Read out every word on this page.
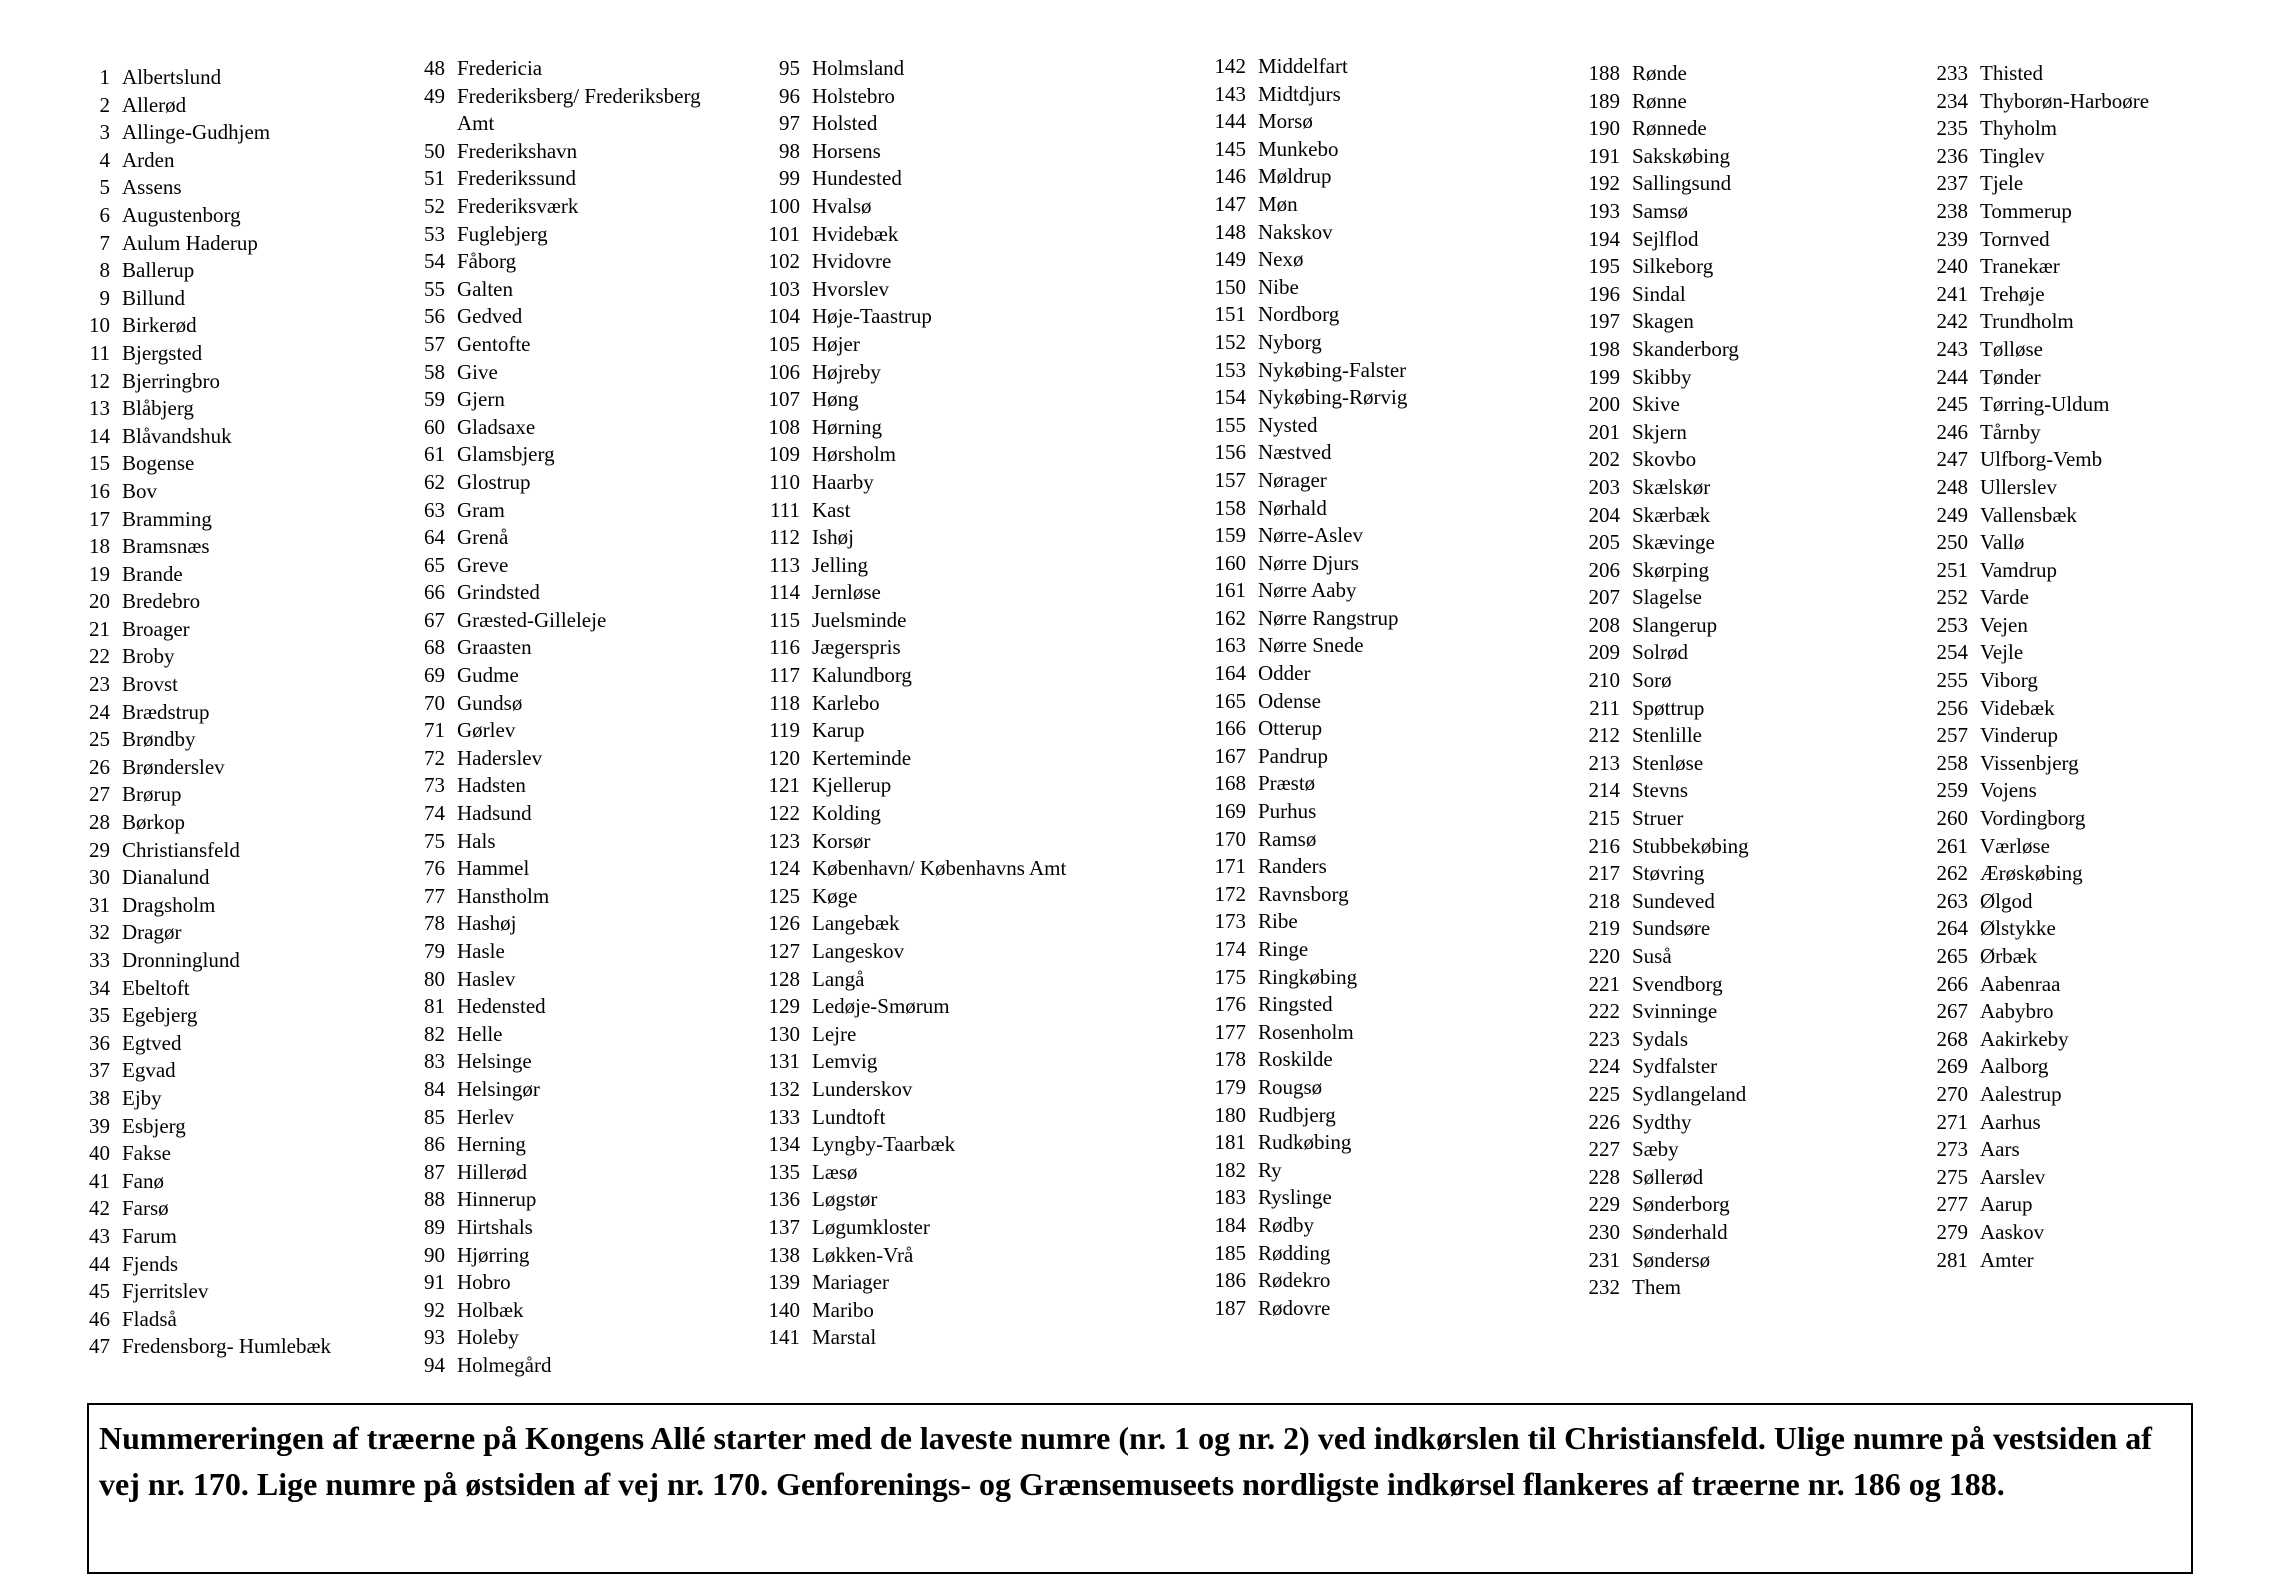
1 Albertslund
2 Allerød
3 Allinge-Gudhjem
4 Arden
5 Assens
6 Augustenborg
7 Aulum Haderup
8 Ballerup
9 Billund
10 Birkerød
11 Bjergsted
12 Bjerringbro
13 Blåbjerg
14 Blåvandshuk
15 Bogense
16 Bov
17 Bramming
18 Bramsnæs
19 Brande
20 Bredebro
21 Broager
22 Broby
23 Brovst
24 Brædstrup
25 Brøndby
26 Brønderslev
27 Brørup
28 Børkop
29 Christiansfeld
30 Dianalund
31 Dragsholm
32 Dragør
33 Dronninglund
34 Ebeltoft
35 Egebjerg
36 Egtved
37 Egvad
38 Ejby
39 Esbjerg
40 Fakse
41 Fanø
42 Farsø
43 Farum
44 Fjends
45 Fjerritslev
46 Fladså
47 Fredensborg- Humlebæk
48 Fredericia
49 Frederiksberg/ Frederiksberg Amt
50 Frederikshavn
51 Frederikssund
52 Frederiksværk
53 Fuglebjerg
54 Fåborg
55 Galten
56 Gedved
57 Gentofte
58 Give
59 Gjern
60 Gladsaxe
61 Glamsbjerg
62 Glostrup
63 Gram
64 Grenå
65 Greve
66 Grindsted
67 Græsted-Gilleleje
68 Graasten
69 Gudme
70 Gundsø
71 Gørlev
72 Haderslev
73 Hadsten
74 Hadsund
75 Hals
76 Hammel
77 Hanstholm
78 Hashøj
79 Hasle
80 Haslev
81 Hedensted
82 Helle
83 Helsinge
84 Helsingør
85 Herlev
86 Herning
87 Hillerød
88 Hinnerup
89 Hirtshals
90 Hjørring
91 Hobro
92 Holbæk
93 Holeby
94 Holmegård
95 Holmsland
96 Holstebro
97 Holsted
98 Horsens
99 Hundested
100 Hvalsø
101 Hvidebæk
102 Hvidovre
103 Hvorslev
104 Høje-Taastrup
105 Højer
106 Højreby
107 Høng
108 Hørning
109 Hørsholm
110 Haarby
111 Kast
112 Ishøj
113 Jelling
114 Jernløse
115 Juelsminde
116 Jægerspris
117 Kalundborg
118 Karlebo
119 Karup
120 Kerteminde
121 Kjellerup
122 Kolding
123 Korsør
124 København/ Københavns Amt
125 Køge
126 Langebæk
127 Langeskov
128 Langå
129 Ledøje-Smørum
130 Lejre
131 Lemvig
132 Lunderskov
133 Lundtoft
134 Lyngby-Taarbæk
135 Læsø
136 Løgstør
137 Løgumkloster
138 Løkken-Vrå
139 Mariager
140 Maribo
141 Marstal
142 Middelfart
143 Midtdjurs
144 Morsø
145 Munkebo
146 Møldrup
147 Møn
148 Nakskov
149 Nexø
150 Nibe
151 Nordborg
152 Nyborg
153 Nykøbing-Falster
154 Nykøbing-Rørvig
155 Nysted
156 Næstved
157 Nørager
158 Nørhald
159 Nørre-Aslev
160 Nørre Djurs
161 Nørre Aaby
162 Nørre Rangstrup
163 Nørre Snede
164 Odder
165 Odense
166 Otterup
167 Pandrup
168 Præstø
169 Purhus
170 Ramsø
171 Randers
172 Ravnsborg
173 Ribe
174 Ringe
175 Ringkøbing
176 Ringsted
177 Rosenholm
178 Roskilde
179 Rougsø
180 Rudbjerg
181 Rudkøbing
182 Ry
183 Ryslinge
184 Rødby
185 Rødding
186 Rødekro
187 Rødovre
188 Rønde
189 Rønne
190 Rønnede
191 Sakskøbing
192 Sallingsund
193 Samsø
194 Sejlflod
195 Silkeborg
196 Sindal
197 Skagen
198 Skanderborg
199 Skibby
200 Skive
201 Skjern
202 Skovbo
203 Skælskør
204 Skærbæk
205 Skævinge
206 Skørping
207 Slagelse
208 Slangerup
209 Solrød
210 Sorø
211 Spøttrup
212 Stenlille
213 Stenløse
214 Stevns
215 Struer
216 Stubbekøbing
217 Støvring
218 Sundeved
219 Sundsøre
220 Suså
221 Svendborg
222 Svinninge
223 Sydals
224 Sydfalster
225 Sydlangeland
226 Sydthy
227 Sæby
228 Søllerød
229 Sønderborg
230 Sønderhald
231 Søndersø
232 Them
233 Thisted
234 Thyborøn-Harboøre
235 Thyholm
236 Tinglev
237 Tjele
238 Tommerup
239 Tornved
240 Tranekær
241 Trehøje
242 Trundholm
243 Tølløse
244 Tønder
245 Tørring-Uldum
246 Tårnby
247 Ulfborg-Vemb
248 Ullerslev
249 Vallensbæk
250 Vallø
251 Vamdrup
252 Varde
253 Vejen
254 Vejle
255 Viborg
256 Videbæk
257 Vinderup
258 Vissenbjerg
259 Vojens
260 Vordingborg
261 Værløse
262 Ærøskøbing
263 Ølgod
264 Ølstykke
265 Ørbæk
266 Aabenraa
267 Aabybro
268 Aakirkeby
269 Aalborg
270 Aalestrup
271 Aarhus
273 Aars
275 Aarslev
277 Aarup
279 Aaskov
281 Amter
Nummereringen af træerne på Kongens Allé starter med de laveste numre (nr. 1 og nr. 2) ved indkørslen til Christiansfeld. Ulige numre på vestsiden af vej nr. 170. Lige numre på østsiden af vej nr. 170. Genforenings- og Grænsemuseets nordligste indkørsel flankeres af træerne nr. 186 og 188.
